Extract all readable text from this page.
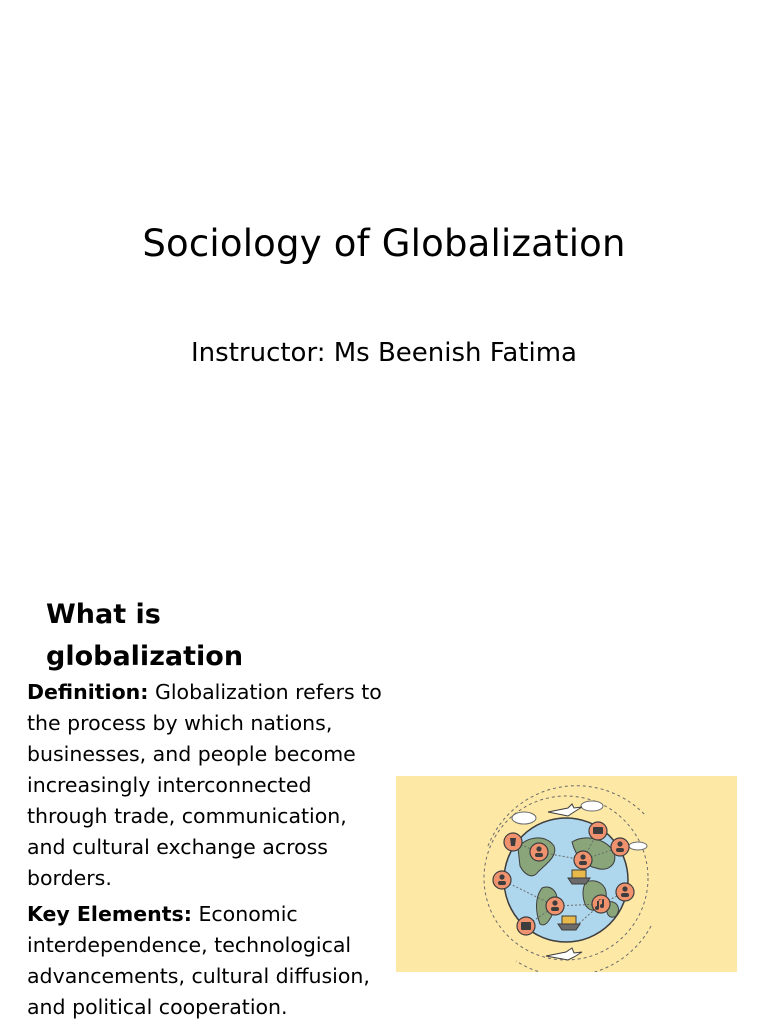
Sociology of Globalization
Instructor: Ms Beenish Fatima
What is globalization

Definition: Globalization refers to the process by which nations, businesses, and people become increasingly interconnected through trade, communication, and cultural exchange across borders.

Key Elements: Economic interdependence, technological advancements, cultural diffusion, and political cooperation.
